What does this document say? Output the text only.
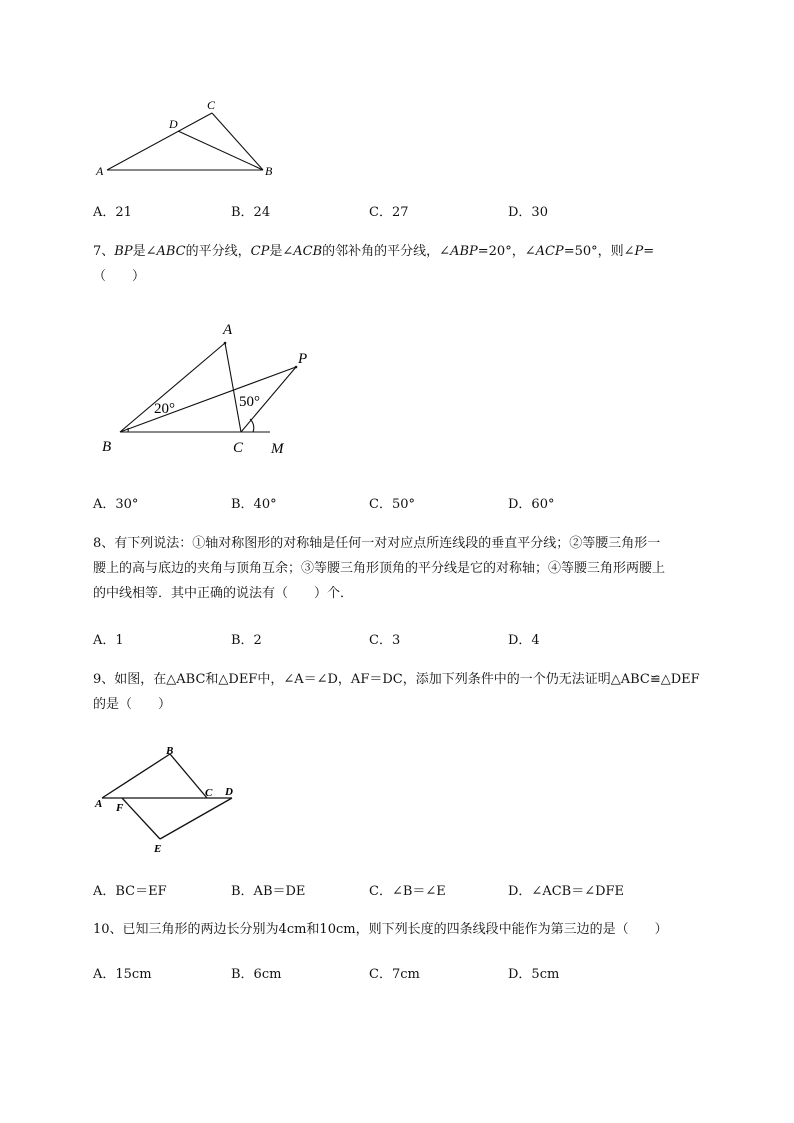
A	B
C
D
A．21	B．24	C．27	D．30
7、BP是∠ABC的平分线，CP是∠ACB的邻补角的平分线，∠ABP=20°，∠ACP=50°，则∠P=
（　　）
A
B	C M
P
20°	50°
A．30°	B．40°	C．50°	D．60°
8、有下列说法：①轴对称图形的对称轴是任何一对对应点所连线段的垂直平分线；②等腰三角形一
腰上的高与底边的夹角与顶角互余；③等腰三角形顶角的平分线是它的对称轴；④等腰三角形两腰上
的中线相等．其中正确的说法有（　　）个．
A．1	B．2	C．3	D．4
9、如图，在△ABC和△DEF中，∠A＝∠D，AF＝DC，添加下列条件中的一个仍无法证明△ABC≌△DEF
的是（　　）
A
B
C D
E
F
A．BC＝EF	B．AB＝DE	C．∠B＝∠E	D．∠ACB＝∠DFE
10、已知三角形的两边长分别为4cm和10cm，则下列长度的四条线段中能作为第三边的是（　　）
A．15cm	B．6cm	C．7cm	D．5cm
